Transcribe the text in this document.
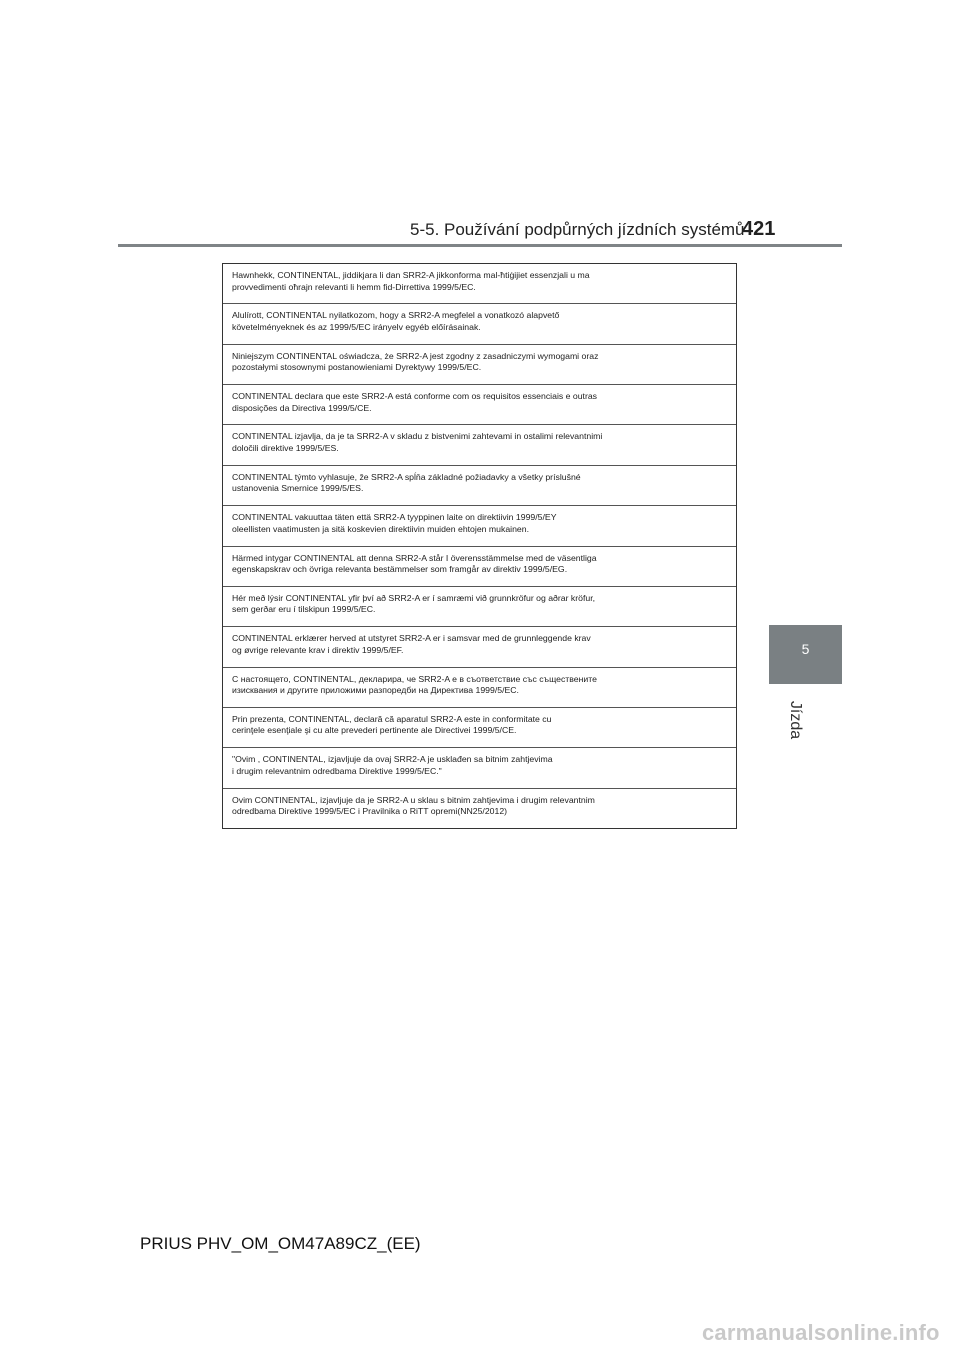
5-5. Používání podpůrných jízdních systémů
421
5
Jízda
Hawnhekk, CONTINENTAL, jiddikjara li dan SRR2-A jikkonforma mal-ħtiġijiet essenzjali u ma
provvedimenti oħrajn relevanti li hemm fid-Dirrettiva 1999/5/EC.
Alulírott, CONTINENTAL nyilatkozom, hogy a SRR2-A megfelel a vonatkozó alapvető
követelményeknek és az 1999/5/EC irányelv egyéb előírásainak.
Niniejszym CONTINENTAL oświadcza, że SRR2-A jest zgodny z zasadniczymi wymogami oraz
pozostałymi stosownymi postanowieniami Dyrektywy 1999/5/EC.
CONTINENTAL declara que este SRR2-A está conforme com os requisitos essenciais e outras
disposições da Directiva 1999/5/CE.
CONTINENTAL izjavlja, da je ta SRR2-A v skladu z bistvenimi zahtevami in ostalimi relevantnimi
določili direktive 1999/5/ES.
CONTINENTAL týmto vyhlasuje, že SRR2-A spĺňa základné požiadavky a všetky príslušné
ustanovenia Smernice 1999/5/ES.
CONTINENTAL vakuuttaa täten että SRR2-A tyyppinen laite on direktiivin 1999/5/EY
oleellisten vaatimusten ja sitä koskevien direktiivin muiden ehtojen mukainen.
Härmed intygar CONTINENTAL att denna SRR2-A står I överensstämmelse med de väsentliga
egenskapskrav och övriga relevanta bestämmelser som framgår av direktiv 1999/5/EG.
Hér með lýsir CONTINENTAL yfir því að SRR2-A er í samræmi við grunnkröfur og aðrar kröfur,
sem gerðar eru í tilskipun 1999/5/EC.
CONTINENTAL erklærer herved at utstyret SRR2-A er i samsvar med de grunnleggende krav
og øvrige relevante krav i direktiv 1999/5/EF.
С настоящето, CONTINENTAL, декларира, че SRR2-A е в съответствие със съществените
изисквания и другите приложими разпоредби на Директива 1999/5/EC.
Prin prezenta, CONTINENTAL, declară că aparatul SRR2-A este in conformitate cu
cerinţele esenţiale şi cu alte prevederi pertinente ale Directivei 1999/5/CE.
"Ovim , CONTINENTAL, izjavljuje da ovaj SRR2-A je usklađen sa bitnim zahtjevima
i drugim relevantnim odredbama Direktive 1999/5/EC."
Ovim CONTINENTAL, izjavljuje da je SRR2-A u sklau s bitnim zahtjevima i drugim relevantnim
odredbama Direktive 1999/5/EC i Pravilnika o RiTT opremi(NN25/2012)
PRIUS PHV_OM_OM47A89CZ_(EE)
carmanualsonline.info
